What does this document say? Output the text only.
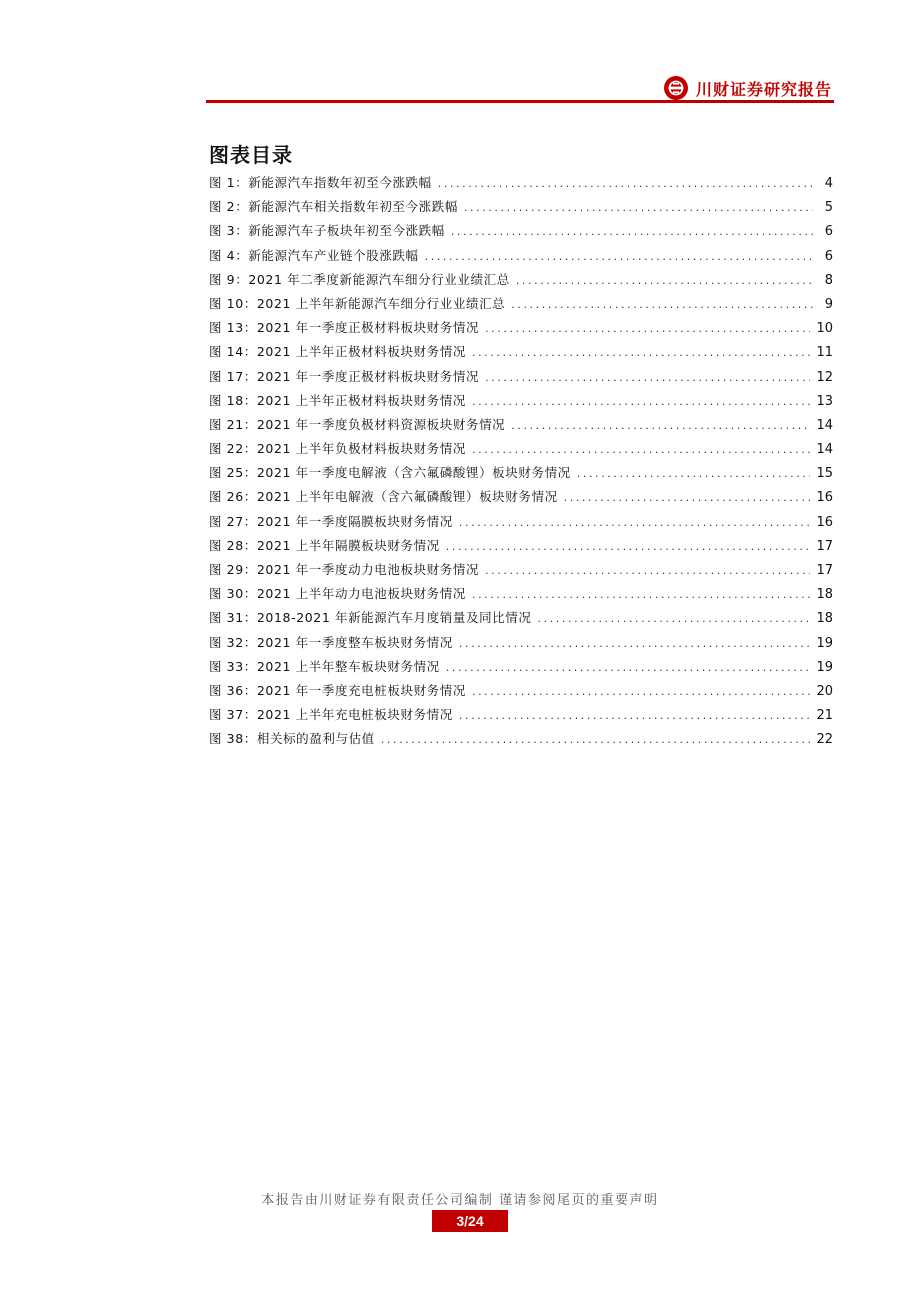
川财证券研究报告
图表目录
图 1：新能源汽车指数年初至今涨跌幅 .....	4
图 2：新能源汽车相关指数年初至今涨跌幅 .....	5
图 3：新能源汽车子板块年初至今涨跌幅 .....	6
图 4：新能源汽车产业链个股涨跌幅 .....	6
图 9：2021 年二季度新能源汽车细分行业业绩汇总 .....	8
图 10：2021 上半年新能源汽车细分行业业绩汇总 .....	9
图 13：2021 年一季度正极材料板块财务情况 .....	10
图 14：2021 上半年正极材料板块财务情况 .....	11
图 17：2021 年一季度正极材料板块财务情况 .....	12
图 18：2021 上半年正极材料板块财务情况 .....	13
图 21：2021 年一季度负极材料资源板块财务情况 .....	14
图 22：2021 上半年负极材料板块财务情况 .....	14
图 25：2021 年一季度电解液（含六氟磷酸锂）板块财务情况 .....	15
图 26：2021 上半年电解液（含六氟磷酸锂）板块财务情况 .....	16
图 27：2021 年一季度隔膜板块财务情况 .....	16
图 28：2021 上半年隔膜板块财务情况 .....	17
图 29：2021 年一季度动力电池板块财务情况 .....	17
图 30：2021 上半年动力电池板块财务情况 .....	18
图 31：2018-2021 年新能源汽车月度销量及同比情况 .....	18
图 32：2021 年一季度整车板块财务情况 .....	19
图 33：2021 上半年整车板块财务情况 .....	19
图 36：2021 年一季度充电桩板块财务情况 .....	20
图 37：2021 上半年充电桩板块财务情况 .....	21
图 38：相关标的盈利与估值 .....	22
本报告由川财证券有限责任公司编制 谨请参阅尾页的重要声明
3/24
